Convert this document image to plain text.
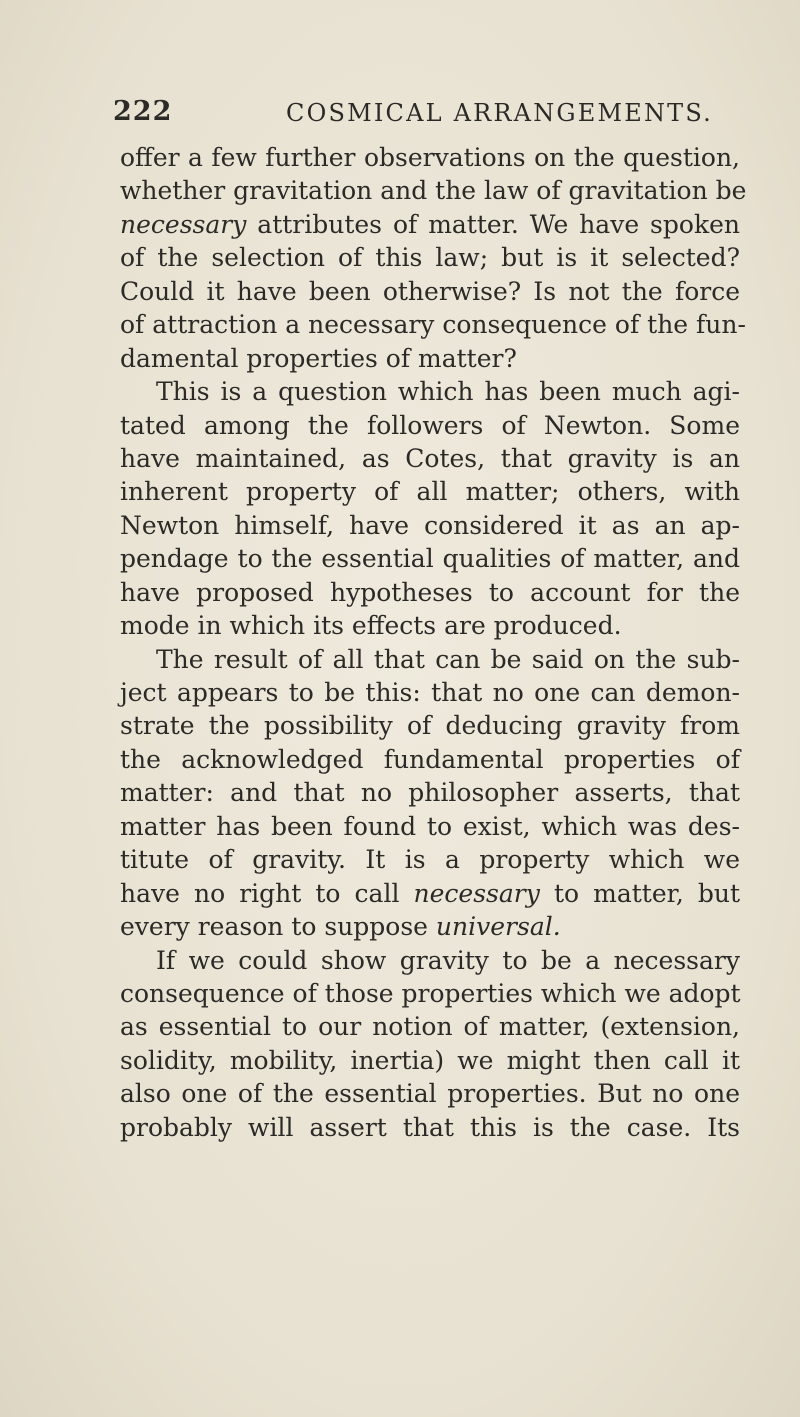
222	COSMICAL ARRANGEMENTS.
offer a few further observations on the question,
whether gravitation and the law of gravitation be
necessary attributes of matter. We have spoken
of the selection of this law; but is it selected?
Could it have been otherwise? Is not the force
of attraction a necessary consequence of the fun-
damental properties of matter?
This is a question which has been much agi-
tated among the followers of Newton. Some
have maintained, as Cotes, that gravity is an
inherent property of all matter; others, with
Newton himself, have considered it as an ap-
pendage to the essential qualities of matter, and
have proposed hypotheses to account for the
mode in which its effects are produced.
The result of all that can be said on the sub-
ject appears to be this: that no one can demon-
strate the possibility of deducing gravity from
the acknowledged fundamental properties of
matter: and that no philosopher asserts, that
matter has been found to exist, which was des-
titute of gravity. It is a property which we
have no right to call necessary to matter, but
every reason to suppose universal.
If we could show gravity to be a necessary
consequence of those properties which we adopt
as essential to our notion of matter, (extension,
solidity, mobility, inertia) we might then call it
also one of the essential properties. But no one
probably will assert that this is the case. Its
